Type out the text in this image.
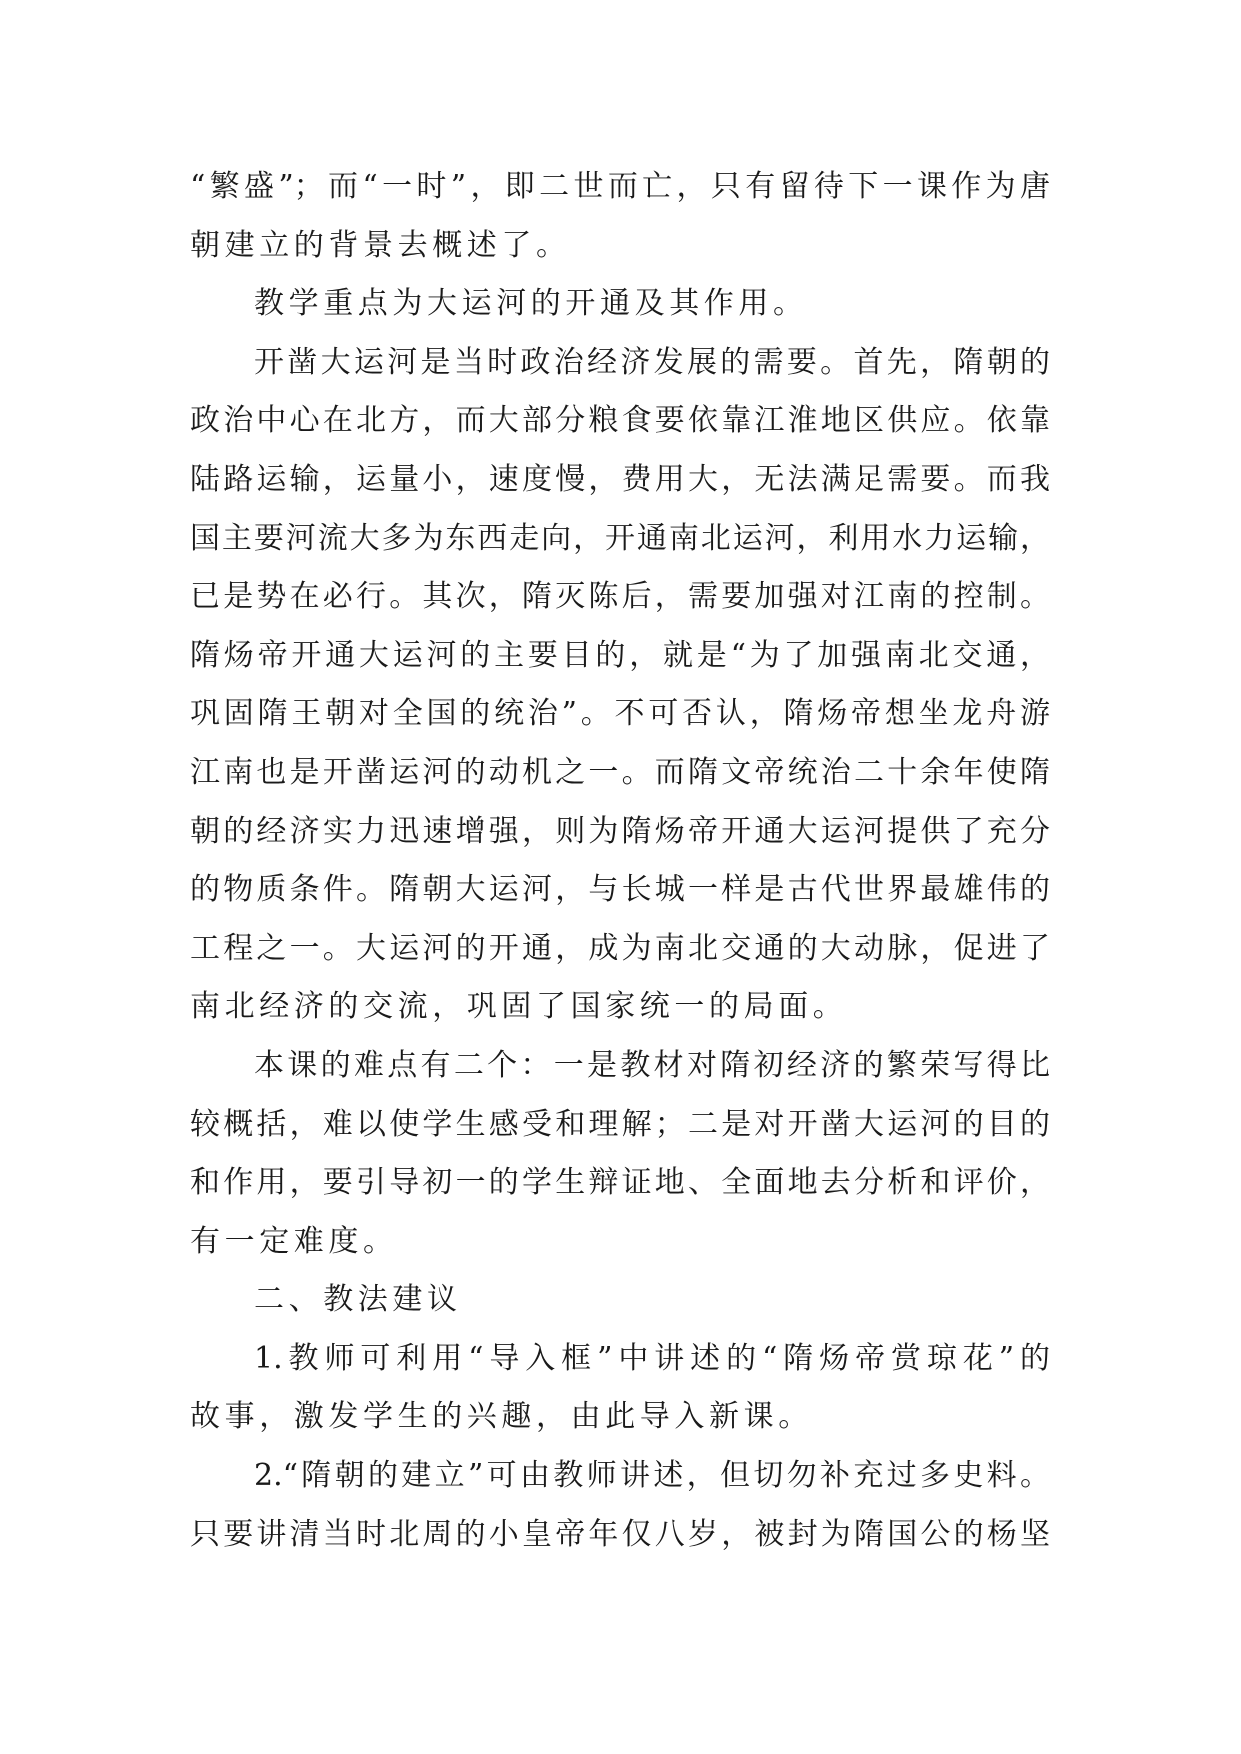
“繁盛”；而“一时”，即二世而亡，只有留待下一课作为唐
朝建立的背景去概述了。
教学重点为大运河的开通及其作用。
开凿大运河是当时政治经济发展的需要。首先，隋朝的
政治中心在北方，而大部分粮食要依靠江淮地区供应。依靠
陆路运输，运量小，速度慢，费用大，无法满足需要。而我
国主要河流大多为东西走向，开通南北运河，利用水力运输，
已是势在必行。其次，隋灭陈后，需要加强对江南的控制。
隋炀帝开通大运河的主要目的，就是“为了加强南北交通，
巩固隋王朝对全国的统治”。不可否认，隋炀帝想坐龙舟游
江南也是开凿运河的动机之一。而隋文帝统治二十余年使隋
朝的经济实力迅速增强，则为隋炀帝开通大运河提供了充分
的物质条件。隋朝大运河，与长城一样是古代世界最雄伟的
工程之一。大运河的开通，成为南北交通的大动脉，促进了
南北经济的交流，巩固了国家统一的局面。
本课的难点有二个：一是教材对隋初经济的繁荣写得比
较概括，难以使学生感受和理解；二是对开凿大运河的目的
和作用，要引导初一的学生辩证地、全面地去分析和评价，
有一定难度。
二、教法建议
1.教师可利用“导入框”中讲述的“隋炀帝赏琼花”的
故事，激发学生的兴趣，由此导入新课。
2.“隋朝的建立”可由教师讲述，但切勿补充过多史料。
只要讲清当时北周的小皇帝年仅八岁，被封为隋国公的杨坚
